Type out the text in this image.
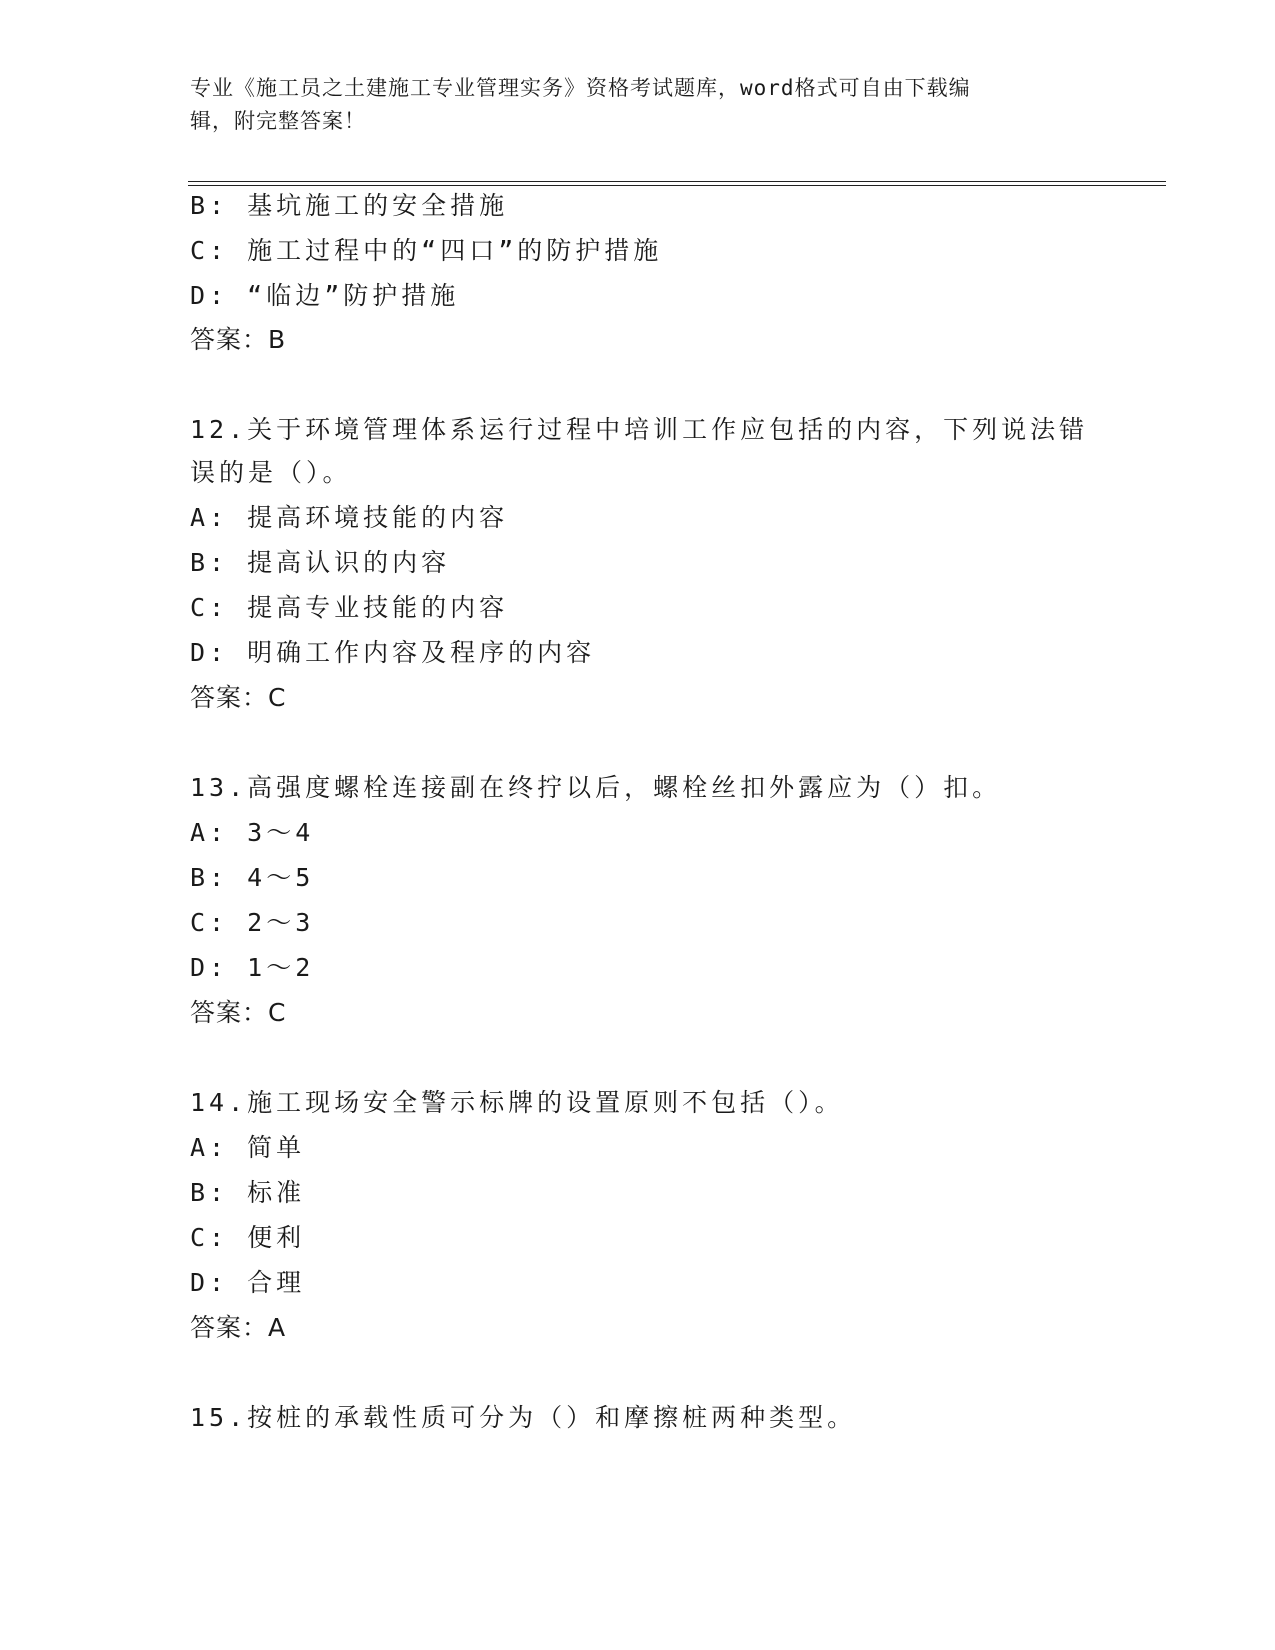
专业《施工员之土建施工专业管理实务》资格考试题库，word格式可自由下载编
辑，附完整答案！
B: 基坑施工的安全措施
C: 施工过程中的“四口”的防护措施
D: “临边”防护措施
答案：B
12.关于环境管理体系运行过程中培训工作应包括的内容，下列说法错
误的是（）。
A: 提高环境技能的内容
B: 提高认识的内容
C: 提高专业技能的内容
D: 明确工作内容及程序的内容
答案：C
13.高强度螺栓连接副在终拧以后，螺栓丝扣外露应为（）扣。
A: 3～4
B: 4～5
C: 2～3
D: 1～2
答案：C
14.施工现场安全警示标牌的设置原则不包括（）。
A: 简单
B: 标准
C: 便利
D: 合理
答案：A
15.按桩的承载性质可分为（）和摩擦桩两种类型。
